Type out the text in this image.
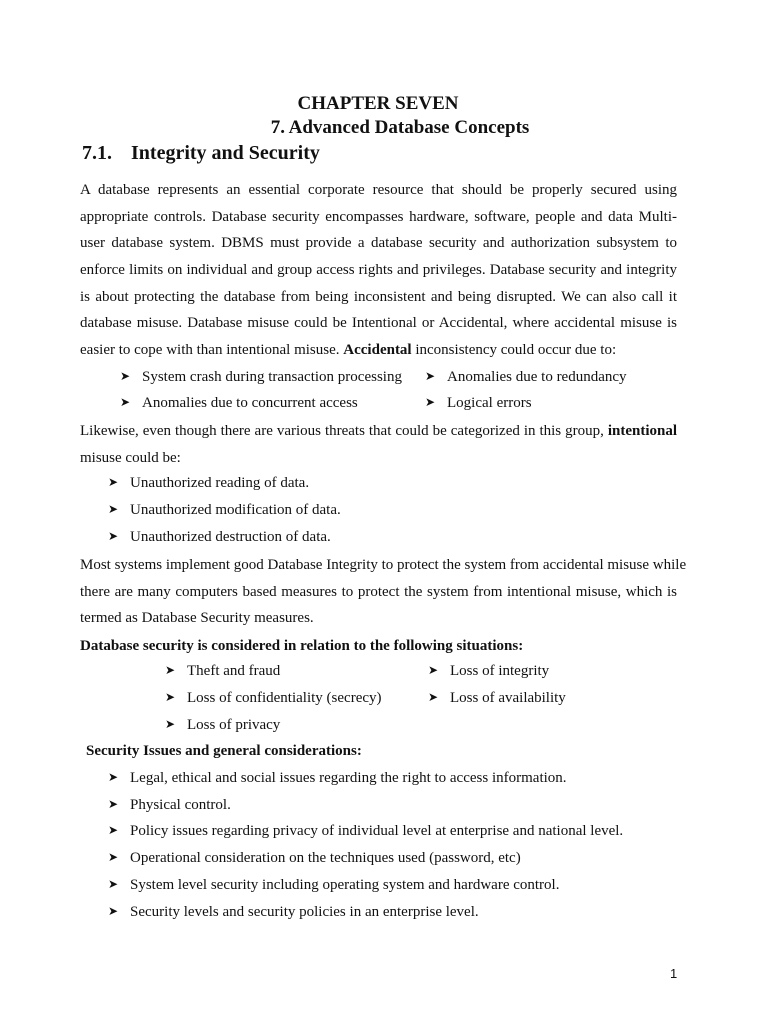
CHAPTER SEVEN
7. Advanced Database Concepts
7.1. Integrity and Security
A database represents an essential corporate resource that should be properly secured using
appropriate controls. Database security encompasses hardware, software, people and data Multi-
user database system. DBMS must provide a database security and authorization subsystem to
enforce limits on individual and group access rights and privileges. Database security and integrity
is about protecting the database from being inconsistent and being disrupted. We can also call it
database misuse. Database misuse could be Intentional or Accidental, where accidental misuse is
easier to cope with than intentional misuse. Accidental inconsistency could occur due to:
➤ System crash during transaction processing ➤ Anomalies due to redundancy
➤ Anomalies due to concurrent access	➤ Logical errors
Likewise, even though there are various threats that could be categorized in this group, intentional
misuse could be:
➤ Unauthorized reading of data.
➤ Unauthorized modification of data.
➤ Unauthorized destruction of data.
Most systems implement good Database Integrity to protect the system from accidental misuse while
there are many computers based measures to protect the system from intentional misuse, which is
termed as Database Security measures.
Database security is considered in relation to the following situations:
➤ Theft and fraud	➤ Loss of integrity
➤ Loss of confidentiality (secrecy)	➤ Loss of availability
➤ Loss of privacy
Security Issues and general considerations:
➤ Legal, ethical and social issues regarding the right to access information.
➤ Physical control.
➤ Policy issues regarding privacy of individual level at enterprise and national level.
➤ Operational consideration on the techniques used (password, etc)
➤ System level security including operating system and hardware control.
➤ Security levels and security policies in an enterprise level.
1
